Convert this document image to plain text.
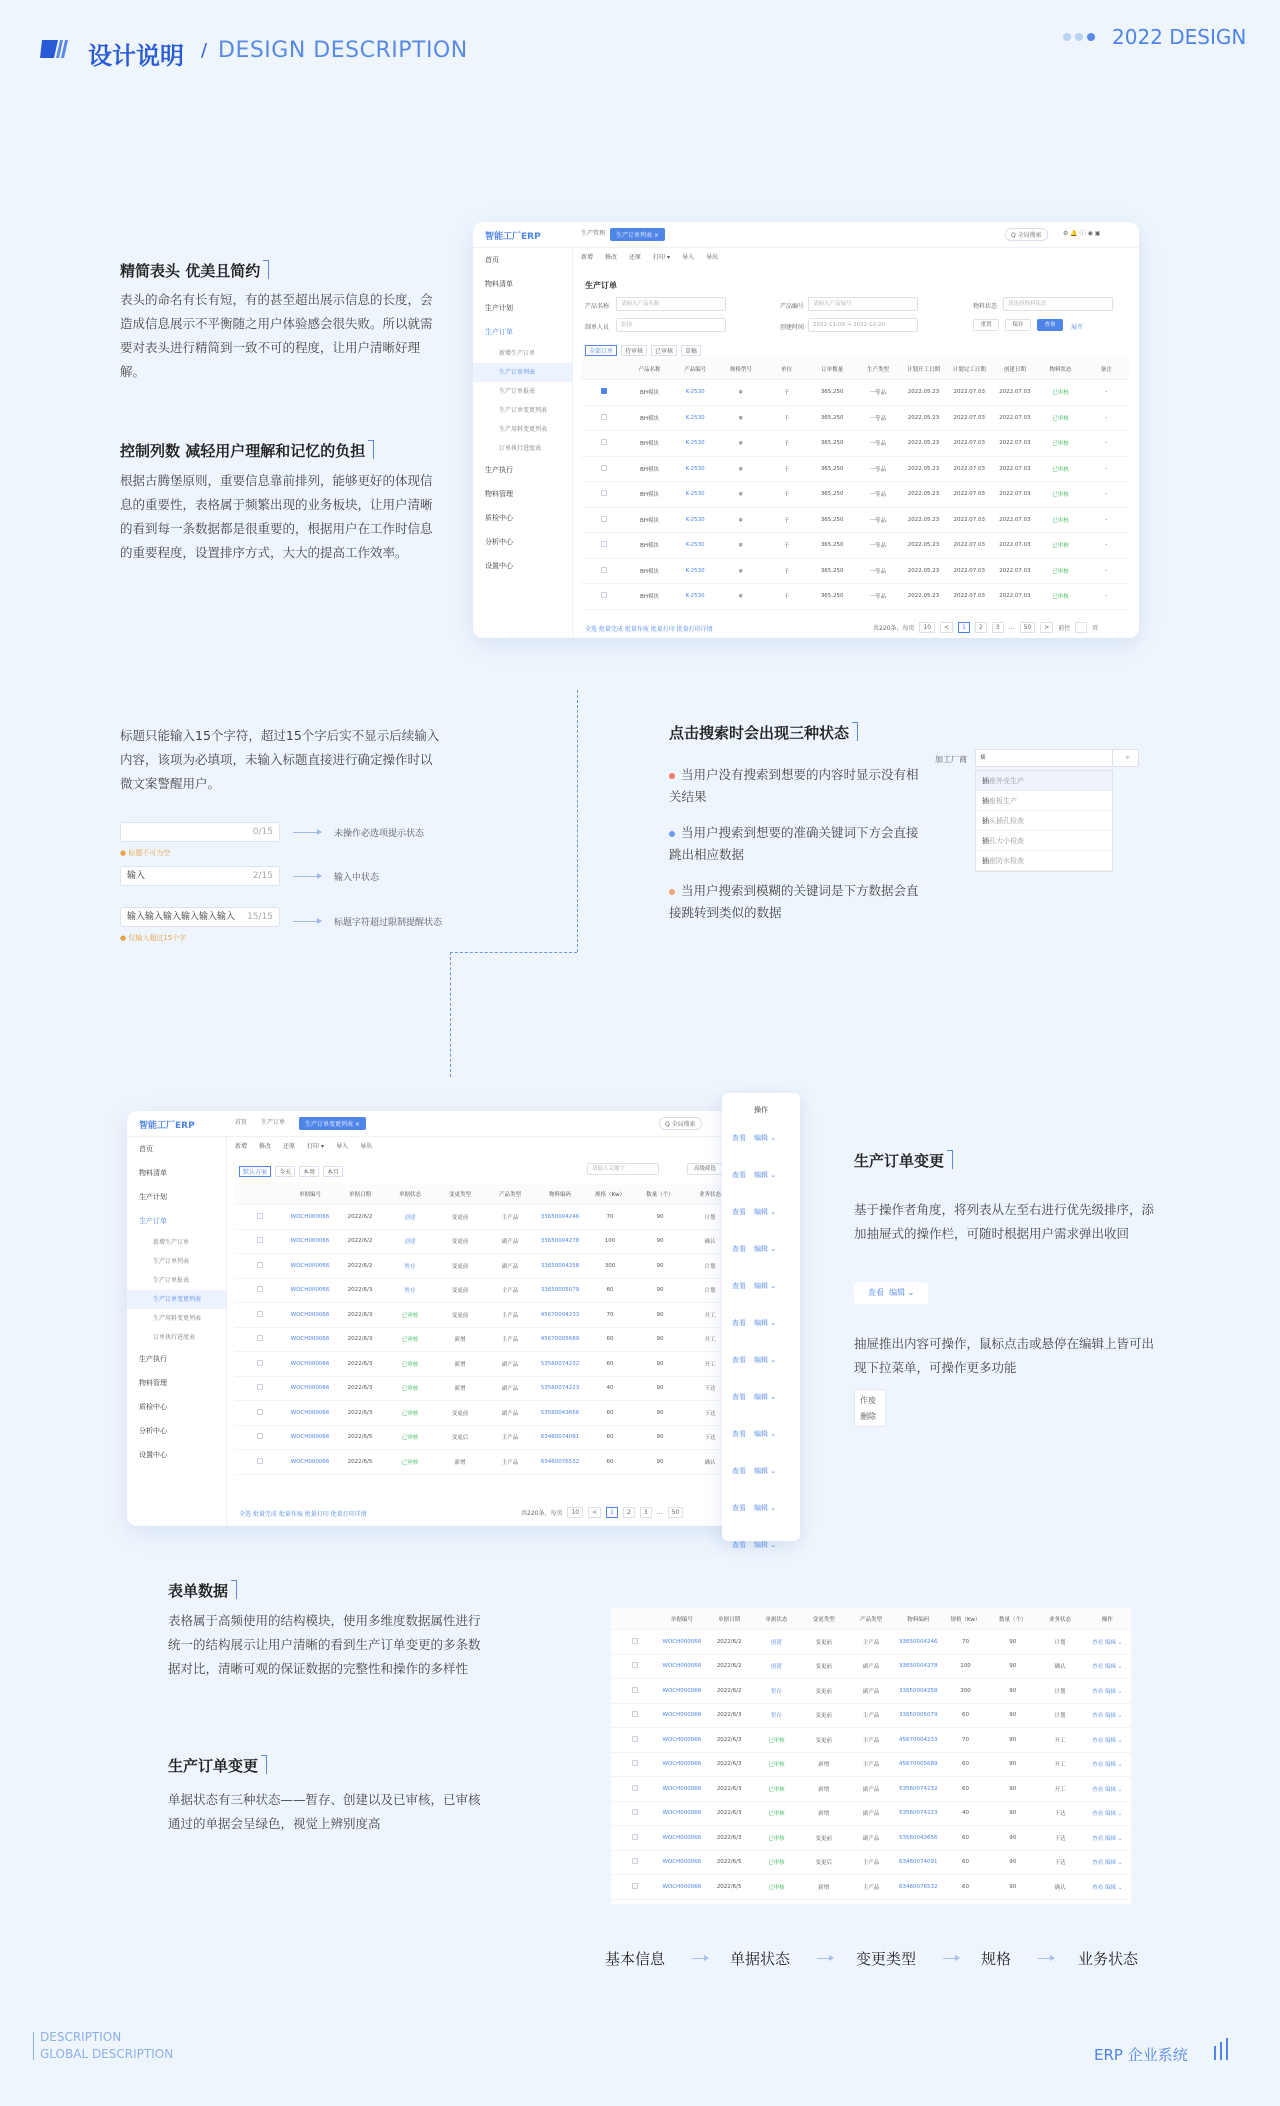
设计说明 / DESIGN DESCRIPTION
2022 DESIGN
精简表头 优美且简约
表头的命名有长有短，有的甚至超出展示信息的长度，会造成信息展示不平衡随之用户体验感会很失败。所以就需要对表头进行精简到一致不可的程度，让用户清晰好理解。
控制列数 减轻用户理解和记忆的负担
根据古腾堡原则，重要信息靠前排列，能够更好的体现信息的重要性，表格属于频繁出现的业务板块，让用户清晰的看到每一条数据都是很重要的，根据用户在工作时信息的重要程度，设置排序方式，大大的提高工作效率。
智能工厂ERP	生产管理	生产订单列表 ×	Q 全局搜索	⚙ 🔔 ⓘ ◉ ▣
新增 修改 还原 打印 ▾ 导入 导出
首页
物料清单
生产计划
生产订单
新增生产订单
生产订单列表
生产订单报表
生产订单变更列表
生产用料变更列表
订单执行进度表
生产执行
物料管理
质检中心
分析中心
设置中心
生产订单
产品名称	请输入产品名称	产品编号	请输入产品编号	物料状态	请选择物料状态
制单人员	张扬	创建时间	2022-11-09 → 2022-12-20	重置	保存	查询	展开
全部订单	待审核	已审核	草稿
产品名称	产品编号	规格型号	单位	订单数量	生产类型	计划开工日期	计划完工日期	创建日期	物料状态	备注
BH模块	K-2530	φ	千	365,250	一等品	2022.05.23	2022.07.03	2022.07.03	已审核	-
BH模块	K-2530	φ	千	365,250	一等品	2022.05.23	2022.07.03	2022.07.03	已审核	-
BH模块	K-2530	φ	千	365,250	一等品	2022.05.23	2022.07.03	2022.07.03	已审核	-
BH模块	K-2530	φ	千	365,250	一等品	2022.05.23	2022.07.03	2022.07.03	已审核	-
BH模块	K-2530	φ	千	365,250	一等品	2022.05.23	2022.07.03	2022.07.03	已审核	-
BH模块	K-2530	φ	千	365,250	一等品	2022.05.23	2022.07.03	2022.07.03	已审核	-
BH模块	K-2530	φ	千	365,250	一等品	2022.05.23	2022.07.03	2022.07.03	已审核	-
BH模块	K-2530	φ	千	365,250	一等品	2022.05.23	2022.07.03	2022.07.03	已审核	-
BH模块	K-2530	φ	千	365,250	一等品	2022.05.23	2022.07.03	2022.07.03	已审核	-
全选 批量完成 批量作废 批量打印 批量打印详情	共220条，每页	10	<	1	2	3	…	50	>	前往
	页
标题只能输入15个字符，超过15个字后实不显示后续输入内容，该项为必填项，未输入标题直接进行确定操作时以微文案警醒用户。
0/15
● 标题不可为空
未操作必选项提示状态
输入	2/15	输入中状态
输入输入输入输入输入输入 15/15
● 仅输入超过15个字
标题字符超过限制提醒状态
点击搜索时会出现三种状态
当用户没有搜索到想要的内容时显示没有相关结果
当用户搜索到想要的准确关键词下方会直接跳出相应数据
当用户搜索到模糊的关键词是下方数据会直接跳转到类似的数据
加工厂商	插	⌕
插座外壳生产
插座板生产
插头插孔检查
插孔大小检查
插座防水检查
智能工厂ERP	首页 生产订单	生产订单变更列表 ×	Q 全局搜索
新增 修改 还原 打印 ▾ 导入 导出
首页
物料清单
生产计划
生产订单
新增生产订单
生产订单列表
生产订单报表
生产订单变更列表
生产用料变更列表
订单执行进度表
生产执行
物料管理
质检中心
分析中心
设置中心
默认方案	今天	本周	本月	请输入关键字	高级筛选
单据编号	单据日期	单据状态	变更类型	产品类型	物料编码	规格（Kw）	数量（个）	业务状态
WOCH000066	2022/6/2	创建	变更前	主产品	33650004246	70	90	计划
WOCH000066	2022/6/2	创建	变更前	副产品	33650004278	100	90	确认
WOCH000066	2022/6/2	暂存	变更前	副产品	33650004258	300	90	计划
WOCH000066	2022/6/3	暂存	变更前	主产品	33650005079	60	90	计划
WOCH000066	2022/6/3	已审核	变更前	主产品	45670004233	70	90	开工
WOCH000066	2022/6/3	已审核	新增	主产品	45670005689	60	90	开工
WOCH000066	2022/6/3	已审核	新增	副产品	53560074232	60	90	开工
WOCH000066	2022/6/3	已审核	新增	副产品	53560074223	40	90	下达
WOCH000066	2022/6/3	已审核	变更前	副产品	53560043656	60	90	下达
WOCH000066	2022/6/5	已审核	变更后	主产品	63460074091	60	90	下达
WOCH000066	2022/6/5	已审核	新增	主产品	63460076532	60	90	确认
全选 批量完成 批量作废 批量打印 批量打印详情	共220条，每页	10	<	1	2	3	…	50
操作
查看 编辑 ⌄
查看 编辑 ⌄
查看 编辑 ⌄
查看 编辑 ⌄
查看 编辑 ⌄
查看 编辑 ⌄
查看 编辑 ⌄
查看 编辑 ⌄
查看 编辑 ⌄
查看 编辑 ⌄
查看 编辑 ⌄
查看 编辑 ⌄
生产订单变更
基于操作者角度，将列表从左至右进行优先级排序，添加抽屉式的操作栏，可随时根据用户需求弹出收回
查看 编辑 ⌄
抽屉推出内容可操作，鼠标点击或悬停在编辑上皆可出现下拉菜单，可操作更多功能
作废
删除
表单数据
表格属于高频使用的结构模块，使用多维度数据属性进行统一的结构展示让用户清晰的看到生产订单变更的多条数据对比，清晰可观的保证数据的完整性和操作的多样性
生产订单变更
单据状态有三种状态——暂存、创建以及已审核，已审核通过的单据会呈绿色，视觉上辨别度高
单据编号	单据日期	单据状态	变更类型	产品类型	物料编码	规格（Kw）	数量（个）	业务状态	操作
WOCH000066	2022/6/2	创建	变更前	主产品	33650004246	70	90	计划	查看 编辑 ⌄
WOCH000066	2022/6/2	创建	变更前	副产品	33650004278	100	90	确认	查看 编辑 ⌄
WOCH000066	2022/6/2	暂存	变更前	副产品	33650004258	300	90	计划	查看 编辑 ⌄
WOCH000066	2022/6/3	暂存	变更前	主产品	33650005079	60	90	计划	查看 编辑 ⌄
WOCH000066	2022/6/3	已审核	变更前	主产品	45670004233	70	90	开工	查看 编辑 ⌄
WOCH000066	2022/6/3	已审核	新增	主产品	45670005689	60	90	开工	查看 编辑 ⌄
WOCH000066	2022/6/3	已审核	新增	副产品	53560074232	60	90	开工	查看 编辑 ⌄
WOCH000066	2022/6/3	已审核	新增	副产品	53560074223	40	90	下达	查看 编辑 ⌄
WOCH000066	2022/6/3	已审核	变更前	副产品	53560043656	60	90	下达	查看 编辑 ⌄
WOCH000066	2022/6/5	已审核	变更后	主产品	63460074091	60	90	下达	查看 编辑 ⌄
WOCH000066	2022/6/5	已审核	新增	主产品	63460076532	60	90	确认	查看 编辑 ⌄
基本信息	单据状态	变更类型	规格	业务状态
DESCRIPTION
GLOBAL DESCRIPTION	ERP 企业系统
